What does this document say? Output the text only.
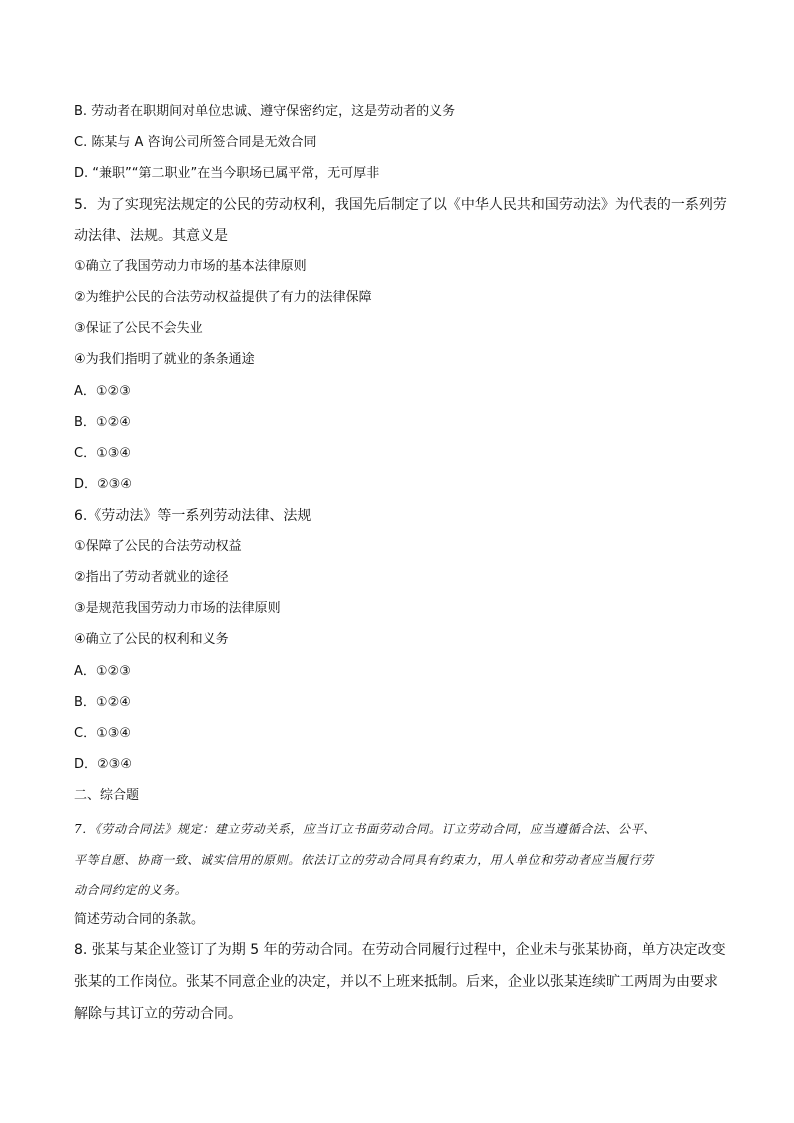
B. 劳动者在职期间对单位忠诚、遵守保密约定，这是劳动者的义务
C. 陈某与 A 咨询公司所签合同是无效合同
D. “兼职”“第二职业”在当今职场已属平常，无可厚非
5．为了实现宪法规定的公民的劳动权利，我国先后制定了以《中华人民共和国劳动法》为代表的一系列劳
动法律、法规。其意义是
①确立了我国劳动力市场的基本法律原则
②为维护公民的合法劳动权益提供了有力的法律保障
③保证了公民不会失业
④为我们指明了就业的条条通途
A．①②③
B．①②④
C．①③④
D．②③④
6.《劳动法》等一系列劳动法律、法规
①保障了公民的合法劳动权益
②指出了劳动者就业的途径
③是规范我国劳动力市场的法律原则
④确立了公民的权利和义务
A．①②③
B．①②④
C．①③④
D．②③④
二、综合题
7．《劳动合同法》规定：建立劳动关系，应当订立书面劳动合同。订立劳动合同，应当遵循合法、公平、
平等自愿、协商一致、诚实信用的原则。依法订立的劳动合同具有约束力，用人单位和劳动者应当履行劳
动合同约定的义务。
简述劳动合同的条款。
8. 张某与某企业签订了为期 5 年的劳动合同。在劳动合同履行过程中，企业未与张某协商，单方决定改变
张某的工作岗位。张某不同意企业的决定，并以不上班来抵制。后来，企业以张某连续旷工两周为由要求
解除与其订立的劳动合同。
